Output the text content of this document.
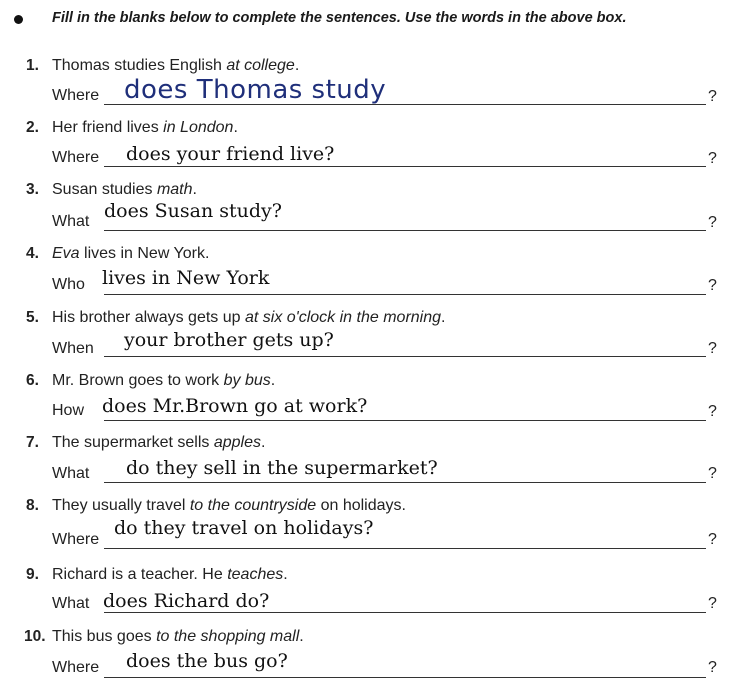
Fill in the blanks below to complete the sentences. Use the words in the above box.
1. Thomas studies English at college.
Where does Thomas study	?
2. Her friend lives in London.
Where does your friend live?	?
3. Susan studies math.
What does Susan study?
?
4. Eva lives in New York.
Who lives in New York	?
5. His brother always gets up at six o'clock in the morning.
When your brother gets up?	?
6. Mr. Brown goes to work by bus.
How does Mr.Brown go at work?	?
7. The supermarket sells apples.
What do they sell in the supermarket?	?
8. They usually travel to the countryside on holidays.
Where
do they travel on holidays?
?
9. Richard is a teacher. He teaches.
What does Richard do?	?
10. This bus goes to the shopping mall.
Where does the bus go?	?
